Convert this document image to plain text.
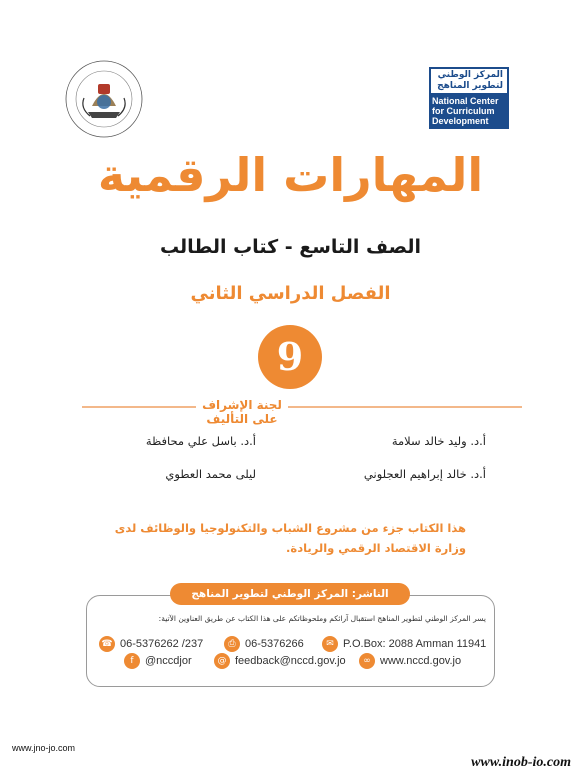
المركز الوطني
لتطوير المناهج
National Center
for Curriculum
Development
المهارات الرقمية
الصف التاسع - كتاب الطالب
الفصل الدراسي الثاني
9
لجنة الإشراف على التأليف
أ.د. وليد خالد سلامة
أ.د. باسل علي محافظة
أ.د. خالد إبراهيم العجلوني
ليلى محمد العطوي
هذا الكتاب جزء من مشروع الشباب والتكنولوجيا والوظائف لدى
وزارة الاقتصاد الرقمي والريادة.
الناشر: المركز الوطني لتطوير المناهج
يسر المركز الوطني لتطوير المناهج استقبال آرائكم وملحوظاتكم على هذا الكتاب عن طريق العناوين الآتية:
☎ 06-5376262 /237	⎙ 06-5376266	✉ P.O.Box: 2088 Amman 11941
f	@nccdjor	@ feedback@nccd.gov.jo	∞ www.nccd.gov.jo
www.jno-jo.com
www.inob-io.com
